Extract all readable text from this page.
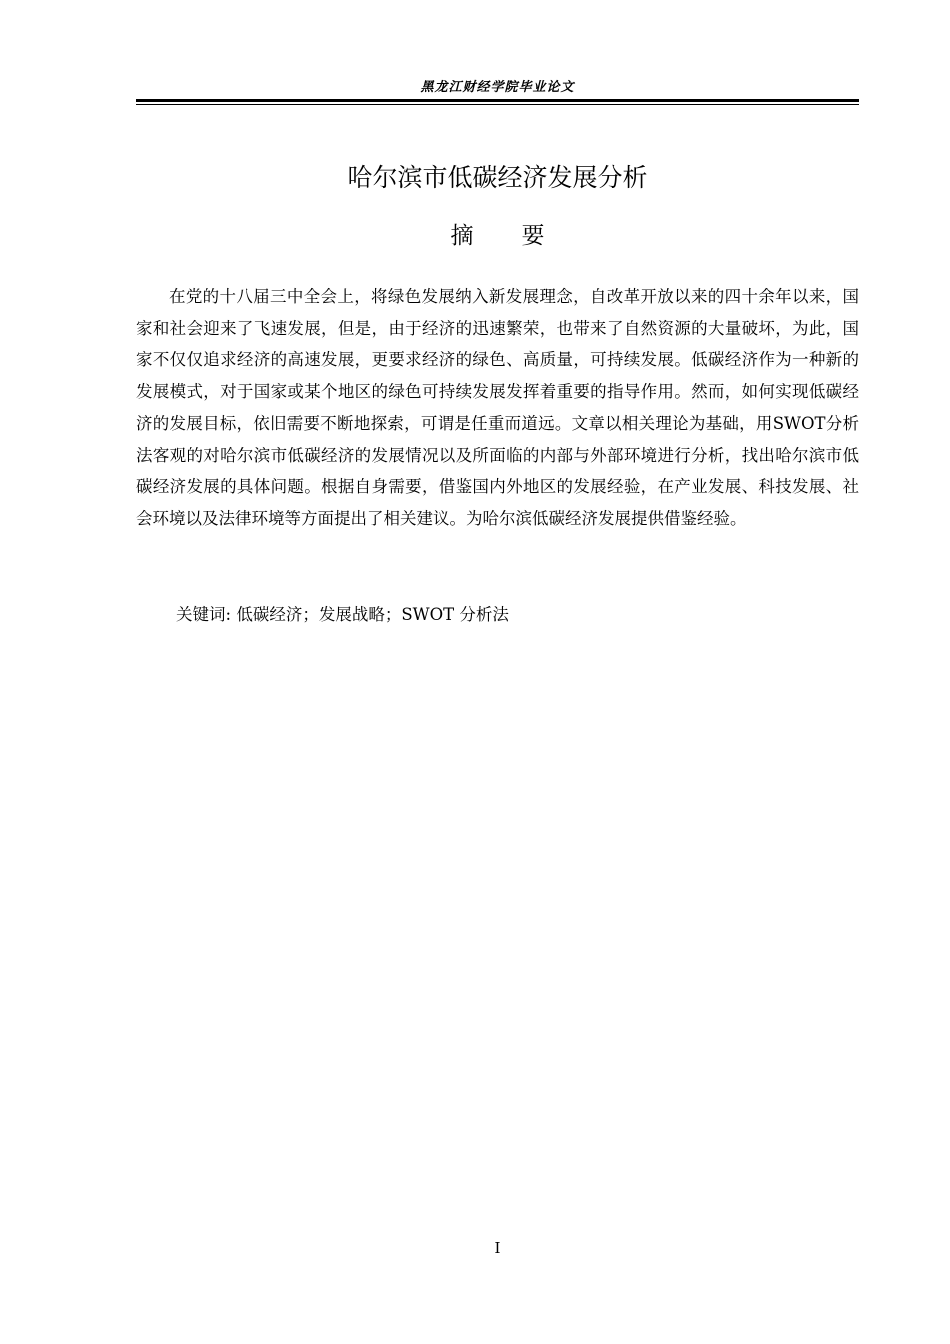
黑龙江财经学院毕业论文
哈尔滨市低碳经济发展分析
摘 要

在党的十八届三中全会上，将绿色发展纳入新发展理念，自改革开放以来的四十余年以来，国家和社会迎来了飞速发展，但是，由于经济的迅速繁荣，也带来了自然资源的大量破坏，为此，国家不仅仅追求经济的高速发展，更要求经济的绿色、高质量，可持续发展。低碳经济作为一种新的发展模式，对于国家或某个地区的绿色可持续发展发挥着重要的指导作用。然而，如何实现低碳经济的发展目标，依旧需要不断地探索，可谓是任重而道远。文章以相关理论为基础，用SWOT分析法客观的对哈尔滨市低碳经济的发展情况以及所面临的内部与外部环境进行分析，找出哈尔滨市低碳经济发展的具体问题。根据自身需要，借鉴国内外地区的发展经验，在产业发展、科技发展、社会环境以及法律环境等方面提出了相关建议。为哈尔滨低碳经济发展提供借鉴经验。

关键词: 低碳经济；发展战略；SWOT 分析法

I
